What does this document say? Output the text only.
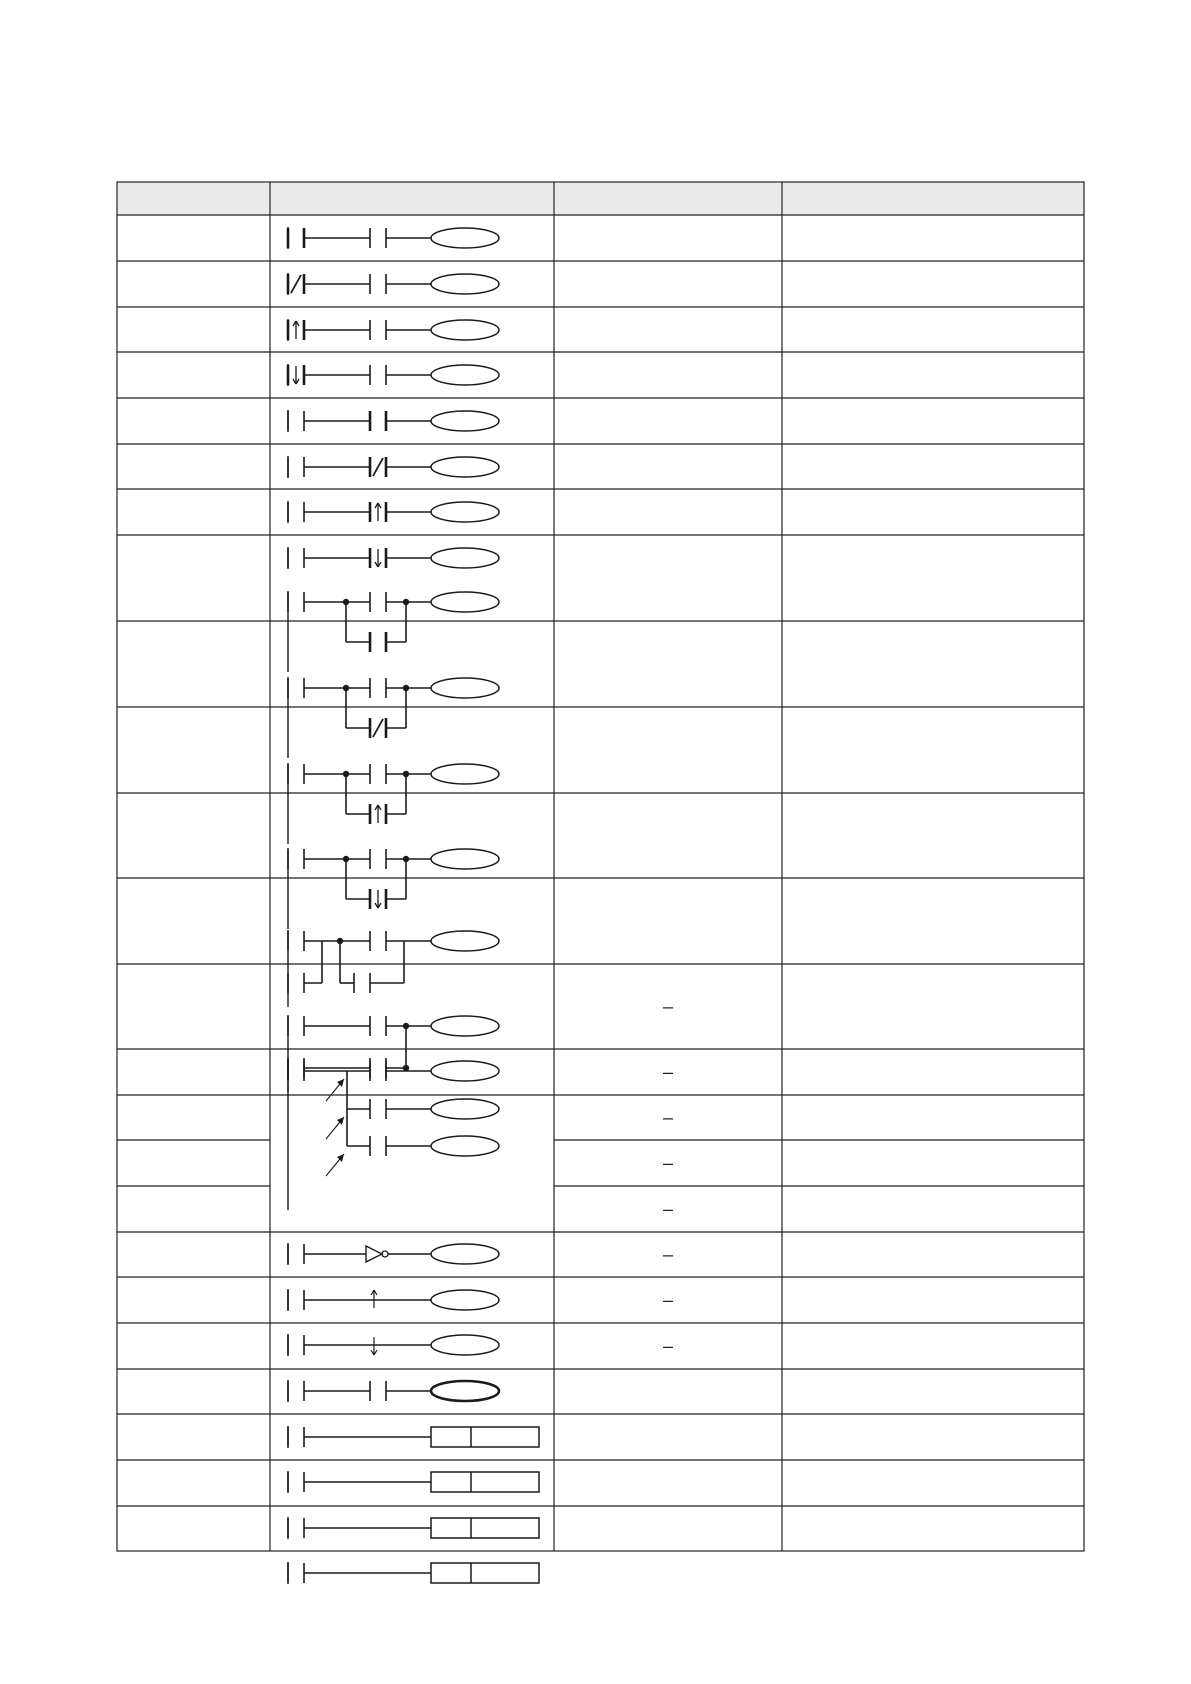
–
–
–
–
–
–
–
–
